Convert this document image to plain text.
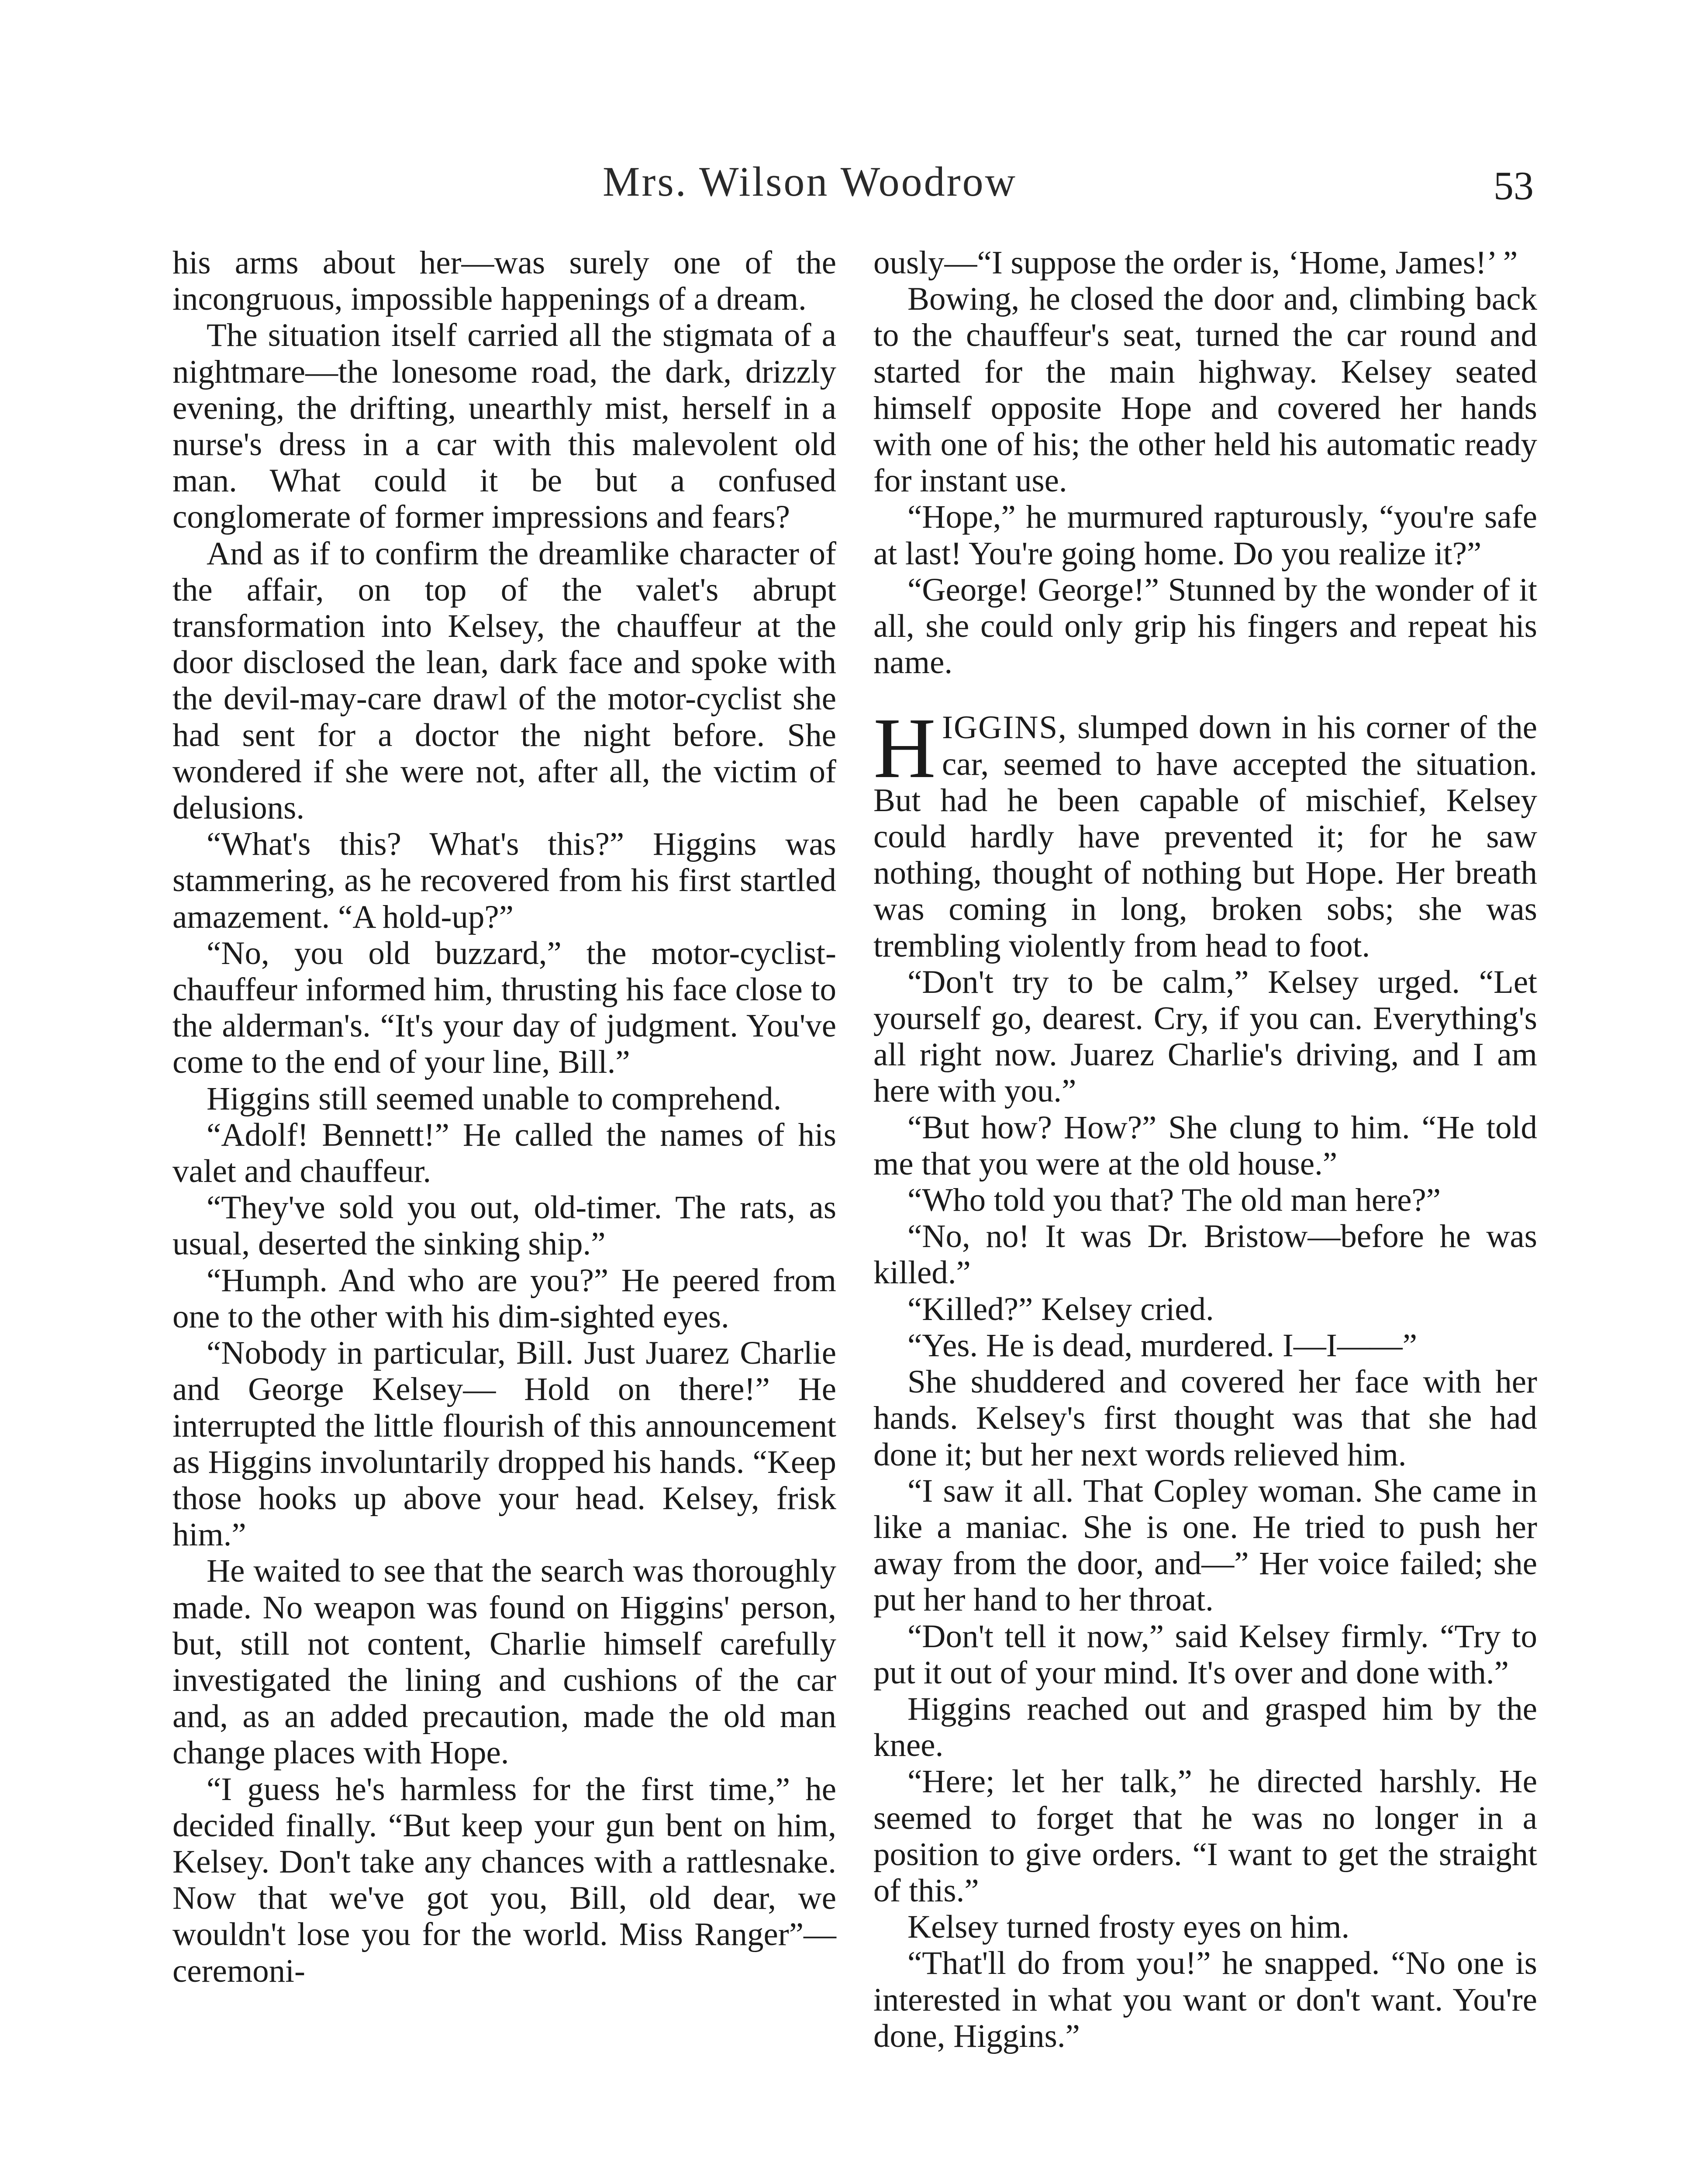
Mrs. Wilson Woodrow	53

his arms about her—was surely one of the incongruous, impossible happenings of a dream.

The situation itself carried all the stigmata of a nightmare—the lonesome road, the dark, drizzly evening, the drifting, unearthly mist, herself in a nurse's dress in a car with this malevolent old man. What could it be but a confused conglomerate of former impressions and fears?

And as if to confirm the dreamlike character of the affair, on top of the valet's abrupt transformation into Kelsey, the chauffeur at the door disclosed the lean, dark face and spoke with the devil-may-care drawl of the motor-cyclist she had sent for a doctor the night before. She wondered if she were not, after all, the victim of delusions.

“What's this? What's this?” Higgins was stammering, as he recovered from his first startled amazement. “A hold-up?”

“No, you old buzzard,” the motor-cyclist-chauffeur informed him, thrusting his face close to the alderman's. “It's your day of judgment. You've come to the end of your line, Bill.”

Higgins still seemed unable to comprehend.

“Adolf! Bennett!” He called the names of his valet and chauffeur.

“They've sold you out, old-timer. The rats, as usual, deserted the sinking ship.”

“Humph. And who are you?” He peered from one to the other with his dim-sighted eyes.

“Nobody in particular, Bill. Just Juarez Charlie and George Kelsey— Hold on there!” He interrupted the little flourish of this announcement as Higgins involuntarily dropped his hands. “Keep those hooks up above your head. Kelsey, frisk him.”

He waited to see that the search was thoroughly made. No weapon was found on Higgins' person, but, still not content, Charlie himself carefully investigated the lining and cushions of the car and, as an added precaution, made the old man change places with Hope.

“I guess he's harmless for the first time,” he decided finally. “But keep your gun bent on him, Kelsey. Don't take any chances with a rattlesnake. Now that we've got you, Bill, old dear, we wouldn't lose you for the world. Miss Ranger”—ceremoni-

ously—“I suppose the order is, ‘Home, James!’ ”

Bowing, he closed the door and, climbing back to the chauffeur's seat, turned the car round and started for the main highway. Kelsey seated himself opposite Hope and covered her hands with one of his; the other held his automatic ready for instant use.

“Hope,” he murmured rapturously, “you're safe at last! You're going home. Do you realize it?”

“George! George!” Stunned by the wonder of it all, she could only grip his fingers and repeat his name.

HIGGINS, slumped down in his corner of the car, seemed to have accepted the situation. But had he been capable of mischief, Kelsey could hardly have prevented it; for he saw nothing, thought of nothing but Hope. Her breath was coming in long, broken sobs; she was trembling violently from head to foot.

“Don't try to be calm,” Kelsey urged. “Let yourself go, dearest. Cry, if you can. Everything's all right now. Juarez Charlie's driving, and I am here with you.”

“But how? How?” She clung to him. “He told me that you were at the old house.”

“Who told you that? The old man here?”

“No, no! It was Dr. Bristow—before he was killed.”

“Killed?” Kelsey cried.

“Yes. He is dead, murdered. I—I——”

She shuddered and covered her face with her hands. Kelsey's first thought was that she had done it; but her next words relieved him.

“I saw it all. That Copley woman. She came in like a maniac. She is one. He tried to push her away from the door, and—” Her voice failed; she put her hand to her throat.

“Don't tell it now,” said Kelsey firmly. “Try to put it out of your mind. It's over and done with.”

Higgins reached out and grasped him by the knee.

“Here; let her talk,” he directed harshly. He seemed to forget that he was no longer in a position to give orders. “I want to get the straight of this.”

Kelsey turned frosty eyes on him.

“That'll do from you!” he snapped. “No one is interested in what you want or don't want. You're done, Higgins.”
